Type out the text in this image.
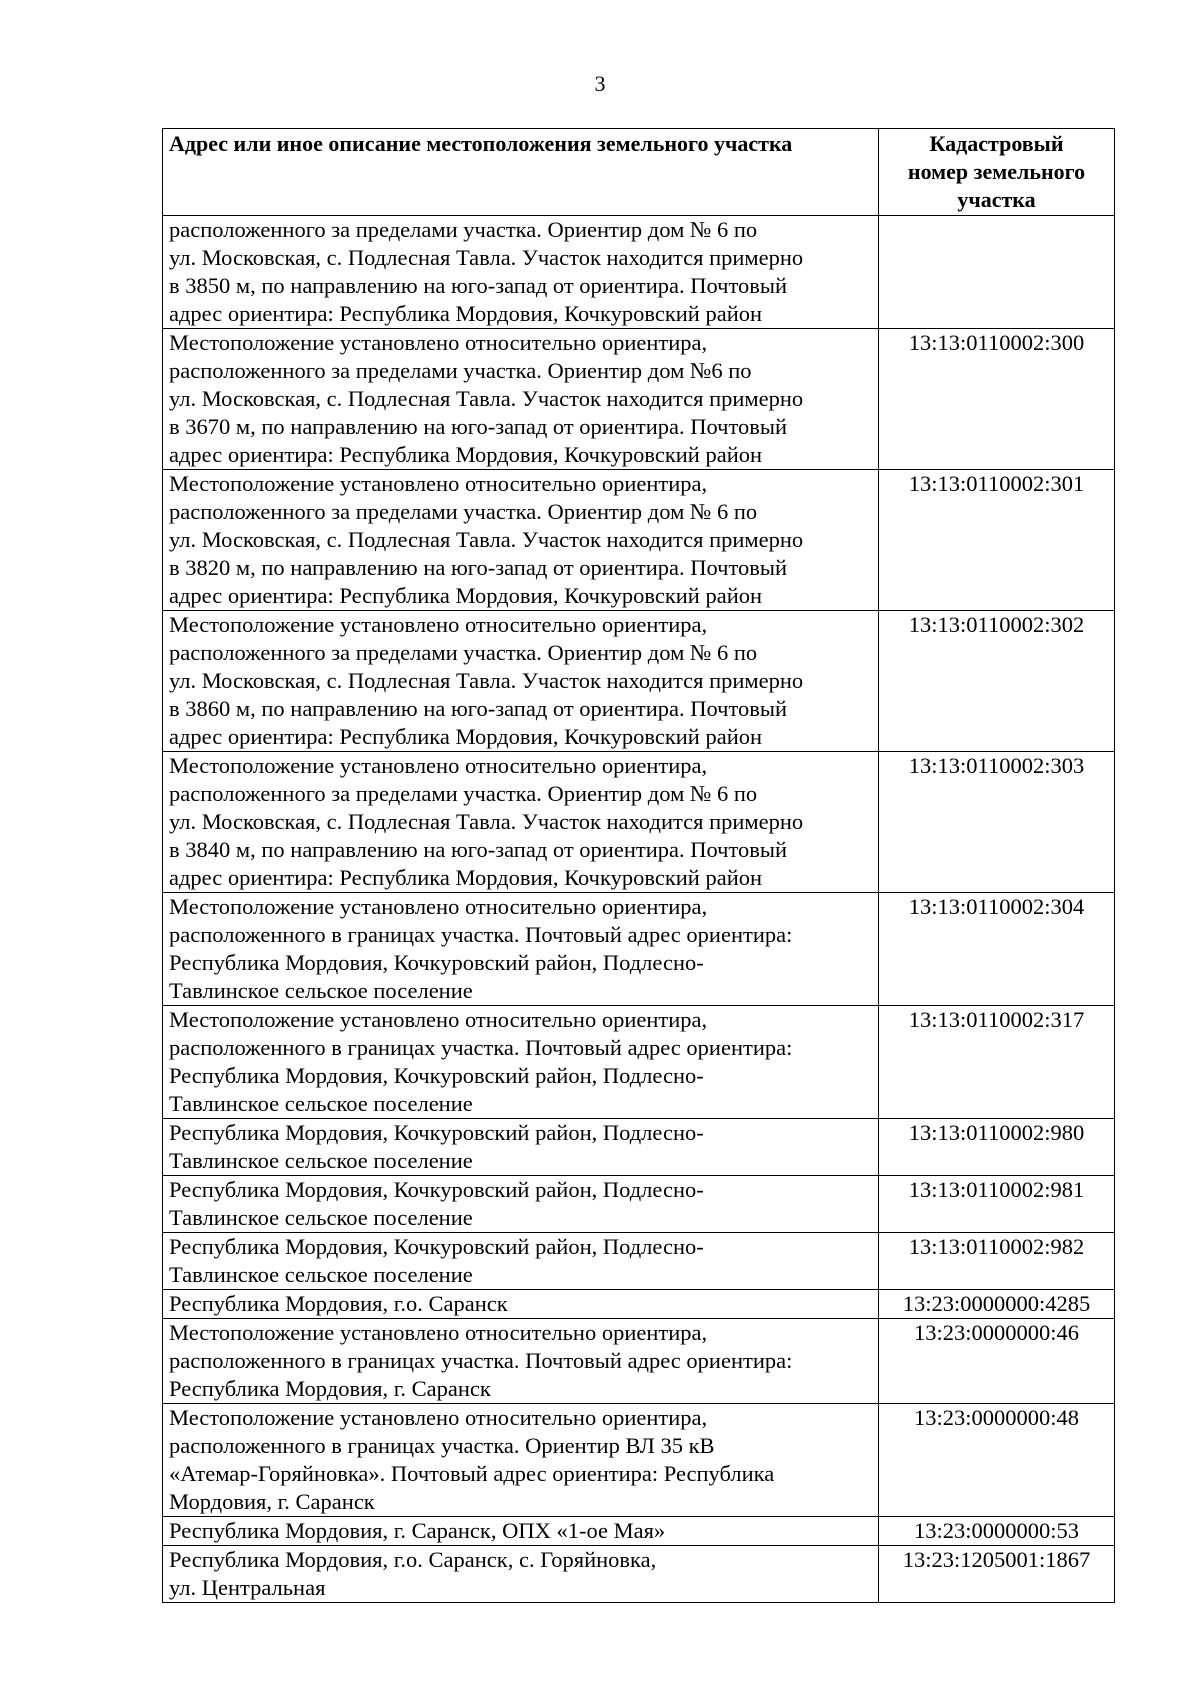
3
Адрес или иное описание местоположения земельного участка	Кадастровый
номер земельного
участка

расположенного за пределами участка. Ориентир дом № 6 по
ул. Московская, с. Подлесная Тавла. Участок находится примерно
в 3850 м, по направлению на юго-запад от ориентира. Почтовый
адрес ориентира: Республика Мордовия, Кочкуровский район	

Местоположение установлено относительно ориентира,
расположенного за пределами участка. Ориентир дом №6 по
ул. Московская, с. Подлесная Тавла. Участок находится примерно
в 3670 м, по направлению на юго-запад от ориентира. Почтовый
адрес ориентира: Республика Мордовия, Кочкуровский район	13:13:0110002:300

Местоположение установлено относительно ориентира,
расположенного за пределами участка. Ориентир дом № 6 по
ул. Московская, с. Подлесная Тавла. Участок находится примерно
в 3820 м, по направлению на юго-запад от ориентира. Почтовый
адрес ориентира: Республика Мордовия, Кочкуровский район	13:13:0110002:301

Местоположение установлено относительно ориентира,
расположенного за пределами участка. Ориентир дом № 6 по
ул. Московская, с. Подлесная Тавла. Участок находится примерно
в 3860 м, по направлению на юго-запад от ориентира. Почтовый
адрес ориентира: Республика Мордовия, Кочкуровский район	13:13:0110002:302

Местоположение установлено относительно ориентира,
расположенного за пределами участка. Ориентир дом № 6 по
ул. Московская, с. Подлесная Тавла. Участок находится примерно
в 3840 м, по направлению на юго-запад от ориентира. Почтовый
адрес ориентира: Республика Мордовия, Кочкуровский район	13:13:0110002:303

Местоположение установлено относительно ориентира,
расположенного в границах участка. Почтовый адрес ориентира:
Республика Мордовия, Кочкуровский район, Подлесно-
Тавлинское сельское поселение	13:13:0110002:304

Местоположение установлено относительно ориентира,
расположенного в границах участка. Почтовый адрес ориентира:
Республика Мордовия, Кочкуровский район, Подлесно-
Тавлинское сельское поселение	13:13:0110002:317

Республика Мордовия, Кочкуровский район, Подлесно-
Тавлинское сельское поселение	13:13:0110002:980

Республика Мордовия, Кочкуровский район, Подлесно-
Тавлинское сельское поселение	13:13:0110002:981

Республика Мордовия, Кочкуровский район, Подлесно-
Тавлинское сельское поселение	13:13:0110002:982

Республика Мордовия, г.о. Саранск	13:23:0000000:4285

Местоположение установлено относительно ориентира,
расположенного в границах участка. Почтовый адрес ориентира:
Республика Мордовия, г. Саранск	13:23:0000000:46

Местоположение установлено относительно ориентира,
расположенного в границах участка. Ориентир ВЛ 35 кВ
«Атемар-Горяйновка». Почтовый адрес ориентира: Республика
Мордовия, г. Саранск	13:23:0000000:48

Республика Мордовия, г. Саранск, ОПХ «1-ое Мая»	13:23:0000000:53

Республика Мордовия, г.о. Саранск, с. Горяйновка,
ул. Центральная	13:23:1205001:1867
